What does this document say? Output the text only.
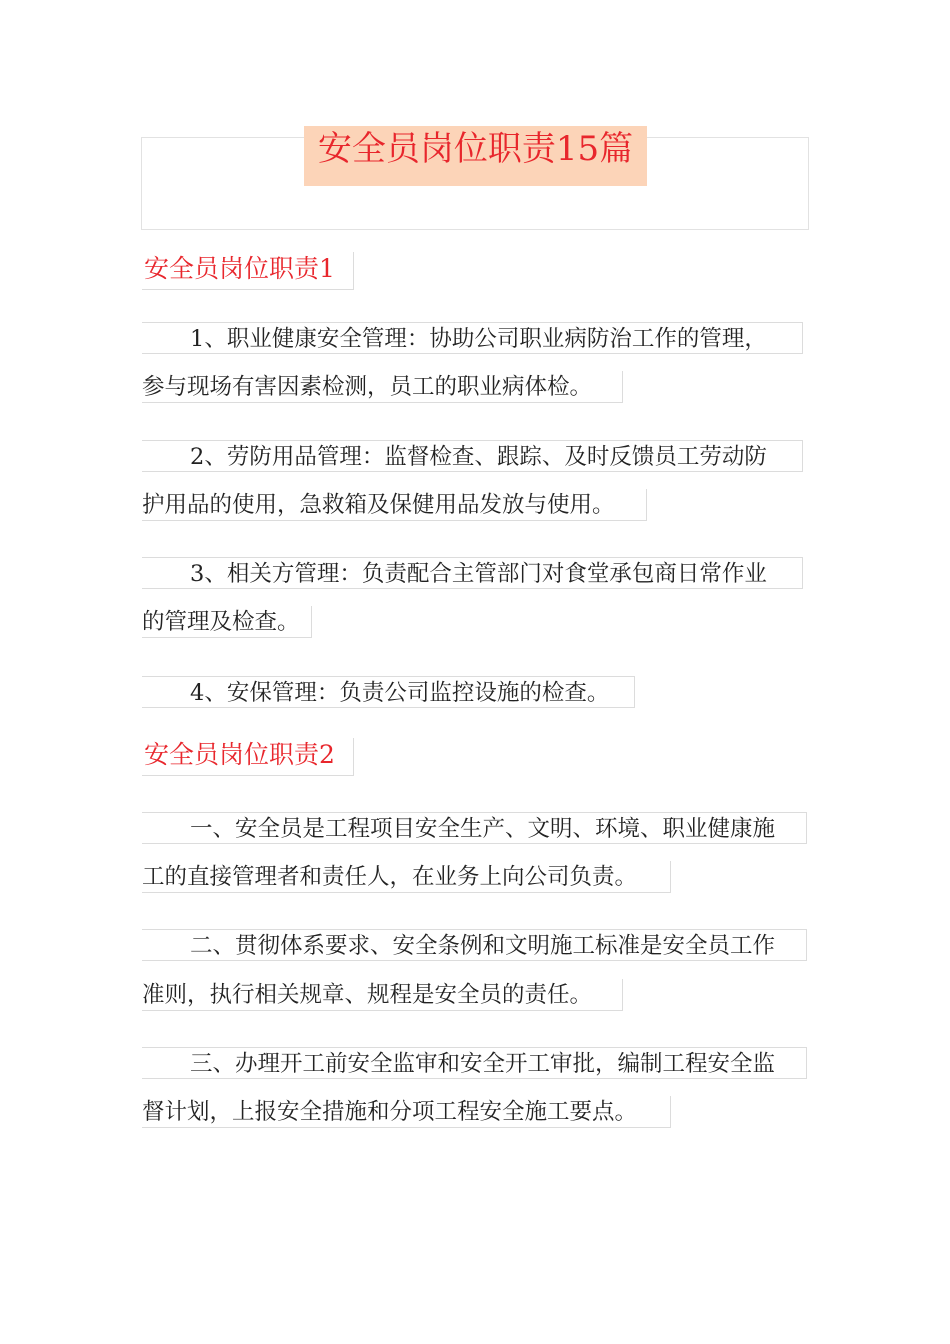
安全员岗位职责15篇
安全员岗位职责1
1、职业健康安全管理：协助公司职业病防治工作的管理，
参与现场有害因素检测，员工的职业病体检。
2、劳防用品管理：监督检查、跟踪、及时反馈员工劳动防
护用品的使用，急救箱及保健用品发放与使用。
3、相关方管理：负责配合主管部门对食堂承包商日常作业
的管理及检查。
4、安保管理：负责公司监控设施的检查。
安全员岗位职责2
一、安全员是工程项目安全生产、文明、环境、职业健康施
工的直接管理者和责任人，在业务上向公司负责。
二、贯彻体系要求、安全条例和文明施工标准是安全员工作
准则，执行相关规章、规程是安全员的责任。
三、办理开工前安全监审和安全开工审批，编制工程安全监
督计划，上报安全措施和分项工程安全施工要点。
